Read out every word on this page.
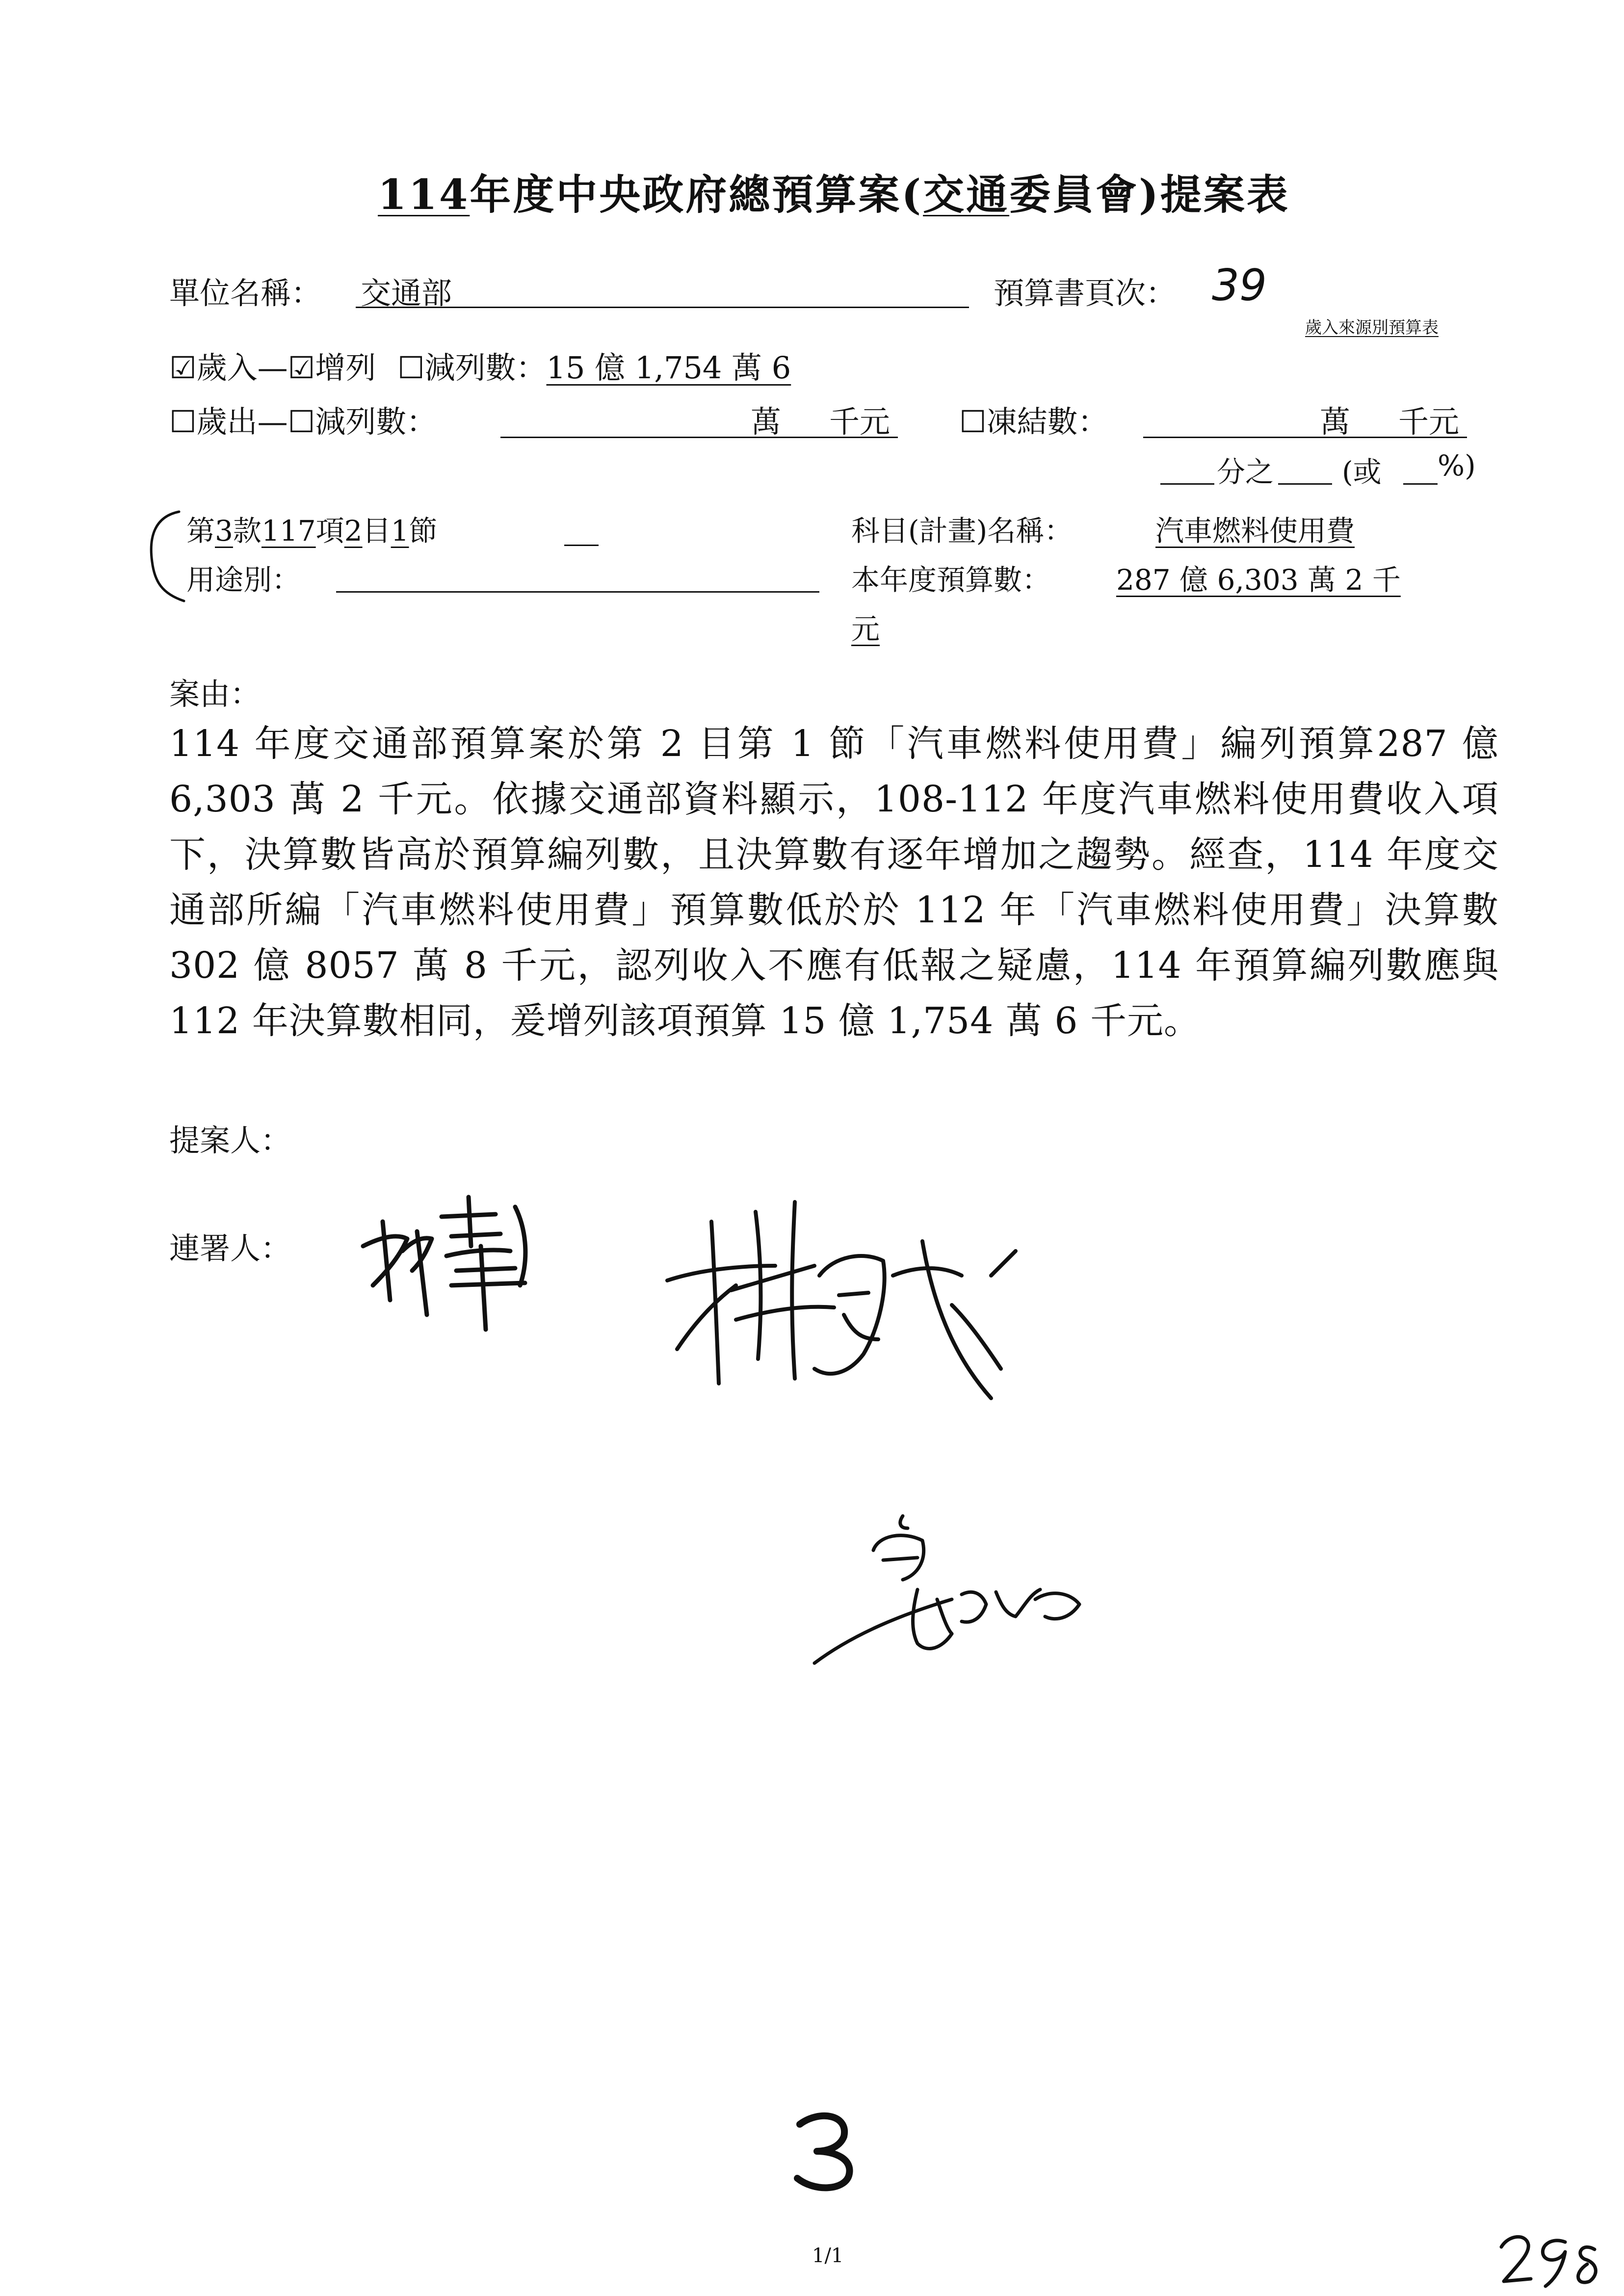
114年度中央政府總預算案(交通委員會)提案表
單位名稱： 交通部	預算書頁次： 39
歲入來源別預算表
☑歲入—☑增列 ☐減列數：15 億 1,754 萬 6
☐歲出—☐減列數：	萬 千元 ☐凍結數：	萬 千元
分之 (或 %)
第3款117項2目1節	科目(計畫)名稱：	汽車燃料使用費
用途別：	本年度預算數： 287 億 6,303 萬 2 千
元
案由：
114 年度交通部預算案於第 2 目第 1 節「汽車燃料使用費」編列預算287 億 6,303 萬 2 千元。依據交通部資料顯示，108-112 年度汽車燃料使用費收入項下，決算數皆高於預算編列數，且決算數有逐年增加之趨勢。經查，114 年度交通部所編「汽車燃料使用費」預算數低於於 112 年「汽車燃料使用費」決算數 302 億 8057 萬 8 千元，認列收入不應有低報之疑慮，114 年預算編列數應與 112 年決算數相同，爰增列該項預算 15 億 1,754 萬 6 千元。
提案人：
連署人：
1/1
